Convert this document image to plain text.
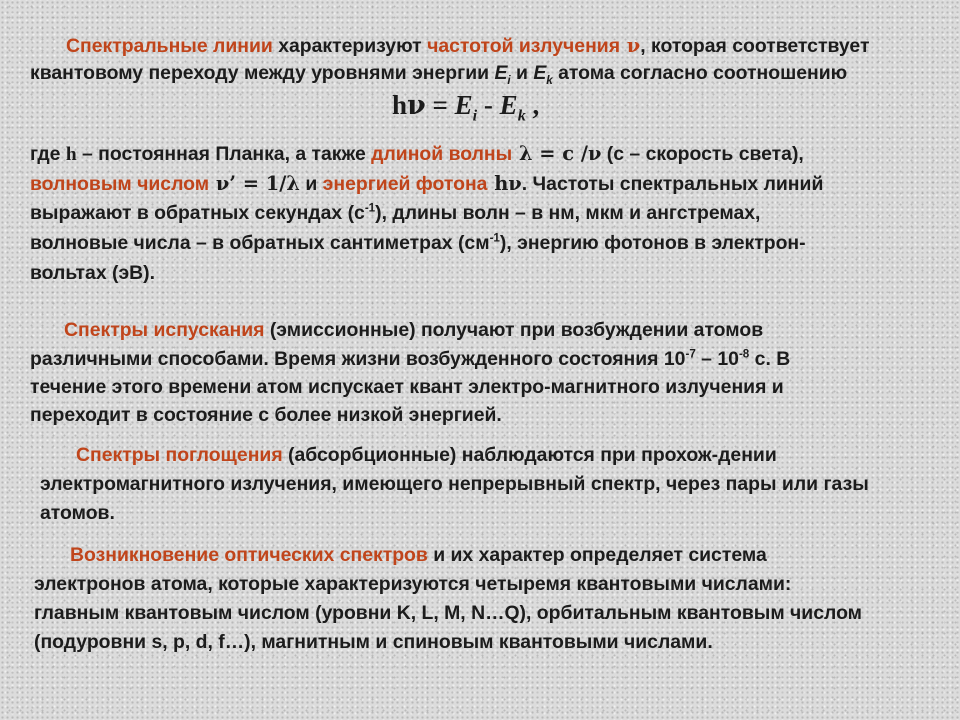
Спектральные линии характеризуют частотой излучения ν, которая соответствует
квантовому переходу между уровнями энергии $E_i$ и $E_k$ атома согласно соотношению
$h\nu = E_i - E_k$ ,
где h – постоянная Планка, а также длиной волны λ = c /ν (c – скорость света),
волновым числом ν’ = 1/λ и энергией фотона hν. Частоты спектральных линий
выражают в обратных секундах $(с^{-1})$, длины волн – в нм, мкм и ангстремах,
волновые числа – в обратных сантиметрах $(см^{-1})$, энергию фотонов в электрон-
вольтах (эВ).
Спектры испускания (эмиссионные) получают при возбуждении атомов
различными способами. Время жизни возбужденного состояния $10^{-7} - 10^{-8}$ с. В
течение этого времени атом испускает квант электро-магнитного излучения и
переходит в состояние с более низкой энергией.
Спектры поглощения (абсорбционные) наблюдаются при прохож-дении
электромагнитного излучения, имеющего непрерывный спектр, через пары или газы
атомов.
Возникновение оптических спектров и их характер определяет система
электронов атома, которые характеризуются четыремя квантовыми числами:
главным квантовым числом (уровни K, L, M, N…Q), орбитальным квантовым числом
(подуровни s, p, d, f…), магнитным и спиновым квантовыми числами.
